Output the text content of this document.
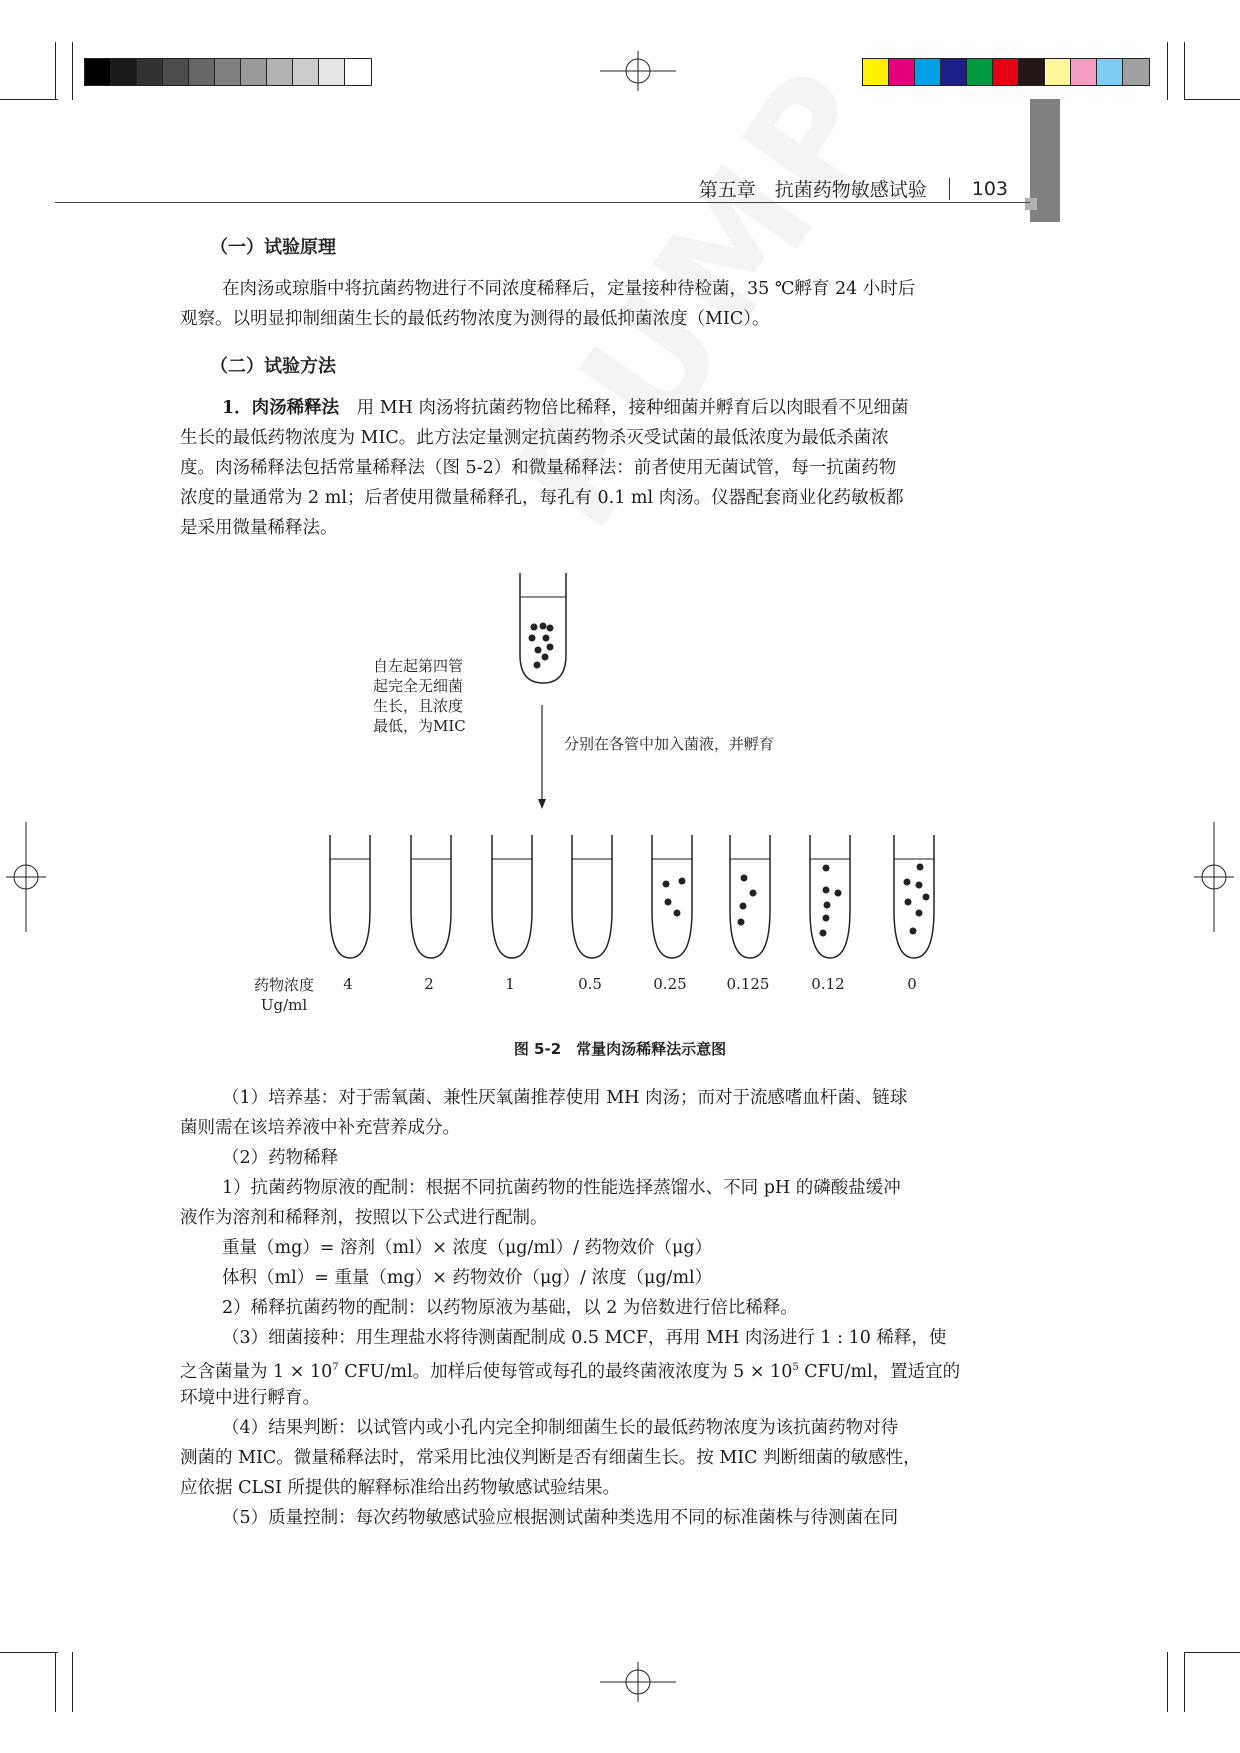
第五章　抗菌药物敏感试验 103
（一）试验原理
在肉汤或琼脂中将抗菌药物进行不同浓度稀释后，定量接种待检菌，35 ℃孵育 24 小时后
观察。以明显抑制细菌生长的最低药物浓度为测得的最低抑菌浓度（MIC）。
（二）试验方法
1．肉汤稀释法　用 MH 肉汤将抗菌药物倍比稀释，接种细菌并孵育后以肉眼看不见细菌
生长的最低药物浓度为 MIC。此方法定量测定抗菌药物杀灭受试菌的最低浓度为最低杀菌浓
度。肉汤稀释法包括常量稀释法（图 5-2）和微量稀释法：前者使用无菌试管，每一抗菌药物
浓度的量通常为 2 ml；后者使用微量稀释孔，每孔有 0.1 ml 肉汤。仪器配套商业化药敏板都
是采用微量稀释法。
自左起第四管
起完全无细菌
生长，且浓度
最低，为MIC
分别在各管中加入菌液，并孵育
药物浓度
Ug/ml
4	2	1	0.5	0.25	0.125	0.12	0
图 5-2　常量肉汤稀释法示意图
（1）培养基：对于需氧菌、兼性厌氧菌推荐使用 MH 肉汤；而对于流感嗜血杆菌、链球
菌则需在该培养液中补充营养成分。
（2）药物稀释
1）抗菌药物原液的配制：根据不同抗菌药物的性能选择蒸馏水、不同 pH 的磷酸盐缓冲
液作为溶剂和稀释剂，按照以下公式进行配制。
重量（mg）= 溶剂（ml）× 浓度（μg/ml）/ 药物效价（μg）
体积（ml）= 重量（mg）× 药物效价（μg）/ 浓度（μg/ml）
2）稀释抗菌药物的配制：以药物原液为基础，以 2 为倍数进行倍比稀释。
（3）细菌接种：用生理盐水将待测菌配制成 0.5 MCF，再用 MH 肉汤进行 1 : 10 稀释，使
之含菌量为 $1 \times 10^7$ CFU/ml。加样后使每管或每孔的最终菌液浓度为 $5 \times 10^5$ CFU/ml，置适宜的
环境中进行孵育。
（4）结果判断：以试管内或小孔内完全抑制细菌生长的最低药物浓度为该抗菌药物对待
测菌的 MIC。微量稀释法时，常采用比浊仪判断是否有细菌生长。按 MIC 判断细菌的敏感性，
应依据 CLSI 所提供的解释标准给出药物敏感试验结果。
（5）质量控制：每次药物敏感试验应根据测试菌种类选用不同的标准菌株与待测菌在同
